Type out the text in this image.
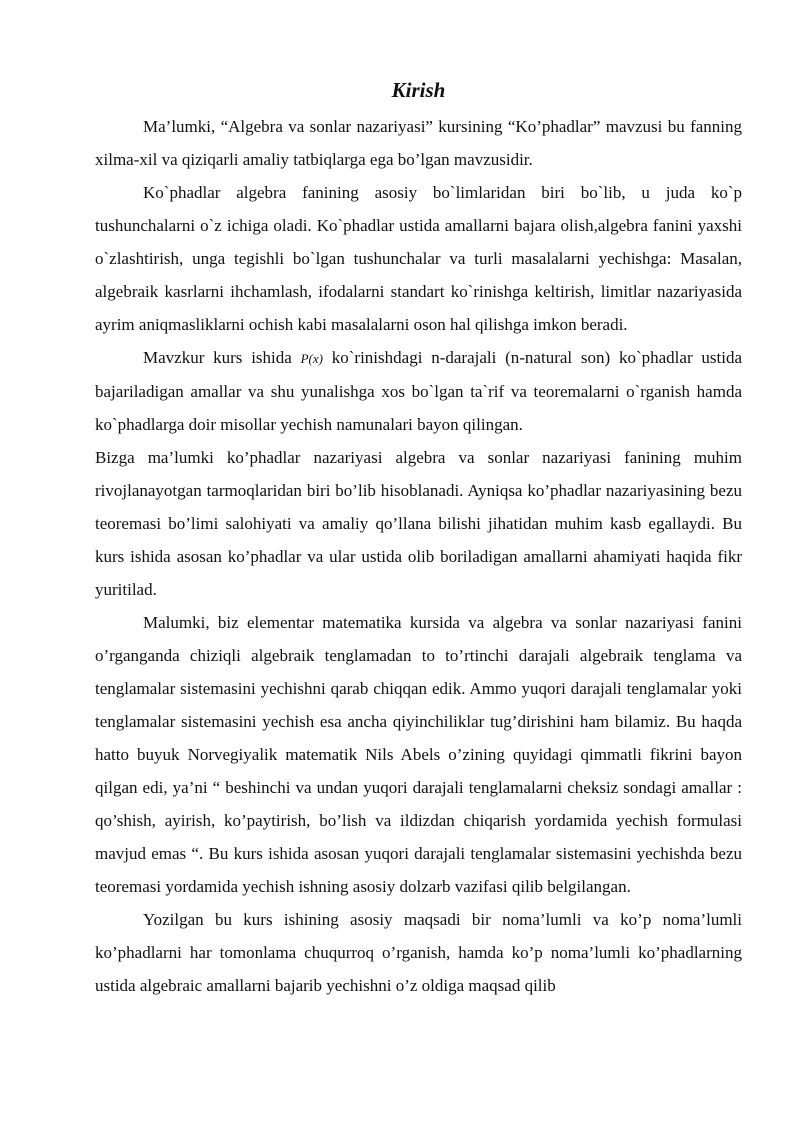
Kirish

Ma’lumki, “Algebra va sonlar nazariyasi” kursining “Ko’phadlar” mavzusi bu fanning xilma-xil va qiziqarli amaliy tatbiqlarga ega bo’lgan mavzusidir.

Ko`phadlar algebra fanining asosiy bo`limlaridan biri bo`lib, u juda ko`p tushunchalarni o`z ichiga oladi. Ko`phadlar ustida amallarni bajara olish,algebra fanini yaxshi o`zlashtirish, unga tegishli bo`lgan tushunchalar va turli masalalarni yechishga: Masalan, algebraik kasrlarni ihchamlash, ifodalarni standart ko`rinishga keltirish, limitlar nazariyasida ayrim aniqmasliklarni ochish kabi masalalarni oson hal qilishga imkon beradi.

Mavzkur kurs ishida P(x) ko`rinishdagi n-darajali (n-natural son) ko`phadlar ustida bajariladigan amallar va shu yunalishga xos bo`lgan ta`rif va teoremalarni o`rganish hamda ko`phadlarga doir misollar yechish namunalari bayon qilingan.

Bizga ma’lumki ko’phadlar nazariyasi algebra va sonlar nazariyasi fanining muhim rivojlanayotgan tarmoqlaridan biri bo’lib hisoblanadi. Ayniqsa ko’phadlar nazariyasining bezu teoremasi bo’limi salohiyati va amaliy qo’llana bilishi jihatidan muhim kasb egallaydi. Bu kurs ishida asosan ko’phadlar va ular ustida olib boriladigan amallarni ahamiyati haqida fikr yuritilad.

Malumki, biz elementar matematika kursida va algebra va sonlar nazariyasi fanini o’rganganda chiziqli algebraik tenglamadan to to’rtinchi darajali algebraik tenglama va tenglamalar sistemasini yechishni qarab chiqqan edik. Ammo yuqori darajali tenglamalar yoki tenglamalar sistemasini yechish esa ancha qiyinchiliklar tug’dirishini ham bilamiz. Bu haqda hatto buyuk Norvegiyalik matematik Nils Abels o’zining quyidagi qimmatli fikrini bayon qilgan edi, ya’ni “ beshinchi va undan yuqori darajali tenglamalarni cheksiz sondagi amallar : qo’shish, ayirish, ko’paytirish, bo’lish va ildizdan chiqarish yordamida yechish formulasi mavjud emas “. Bu kurs ishida asosan yuqori darajali tenglamalar sistemasini yechishda bezu teoremasi yordamida yechish ishning asosiy dolzarb vazifasi qilib belgilangan.

Yozilgan bu kurs ishining asosiy maqsadi bir noma’lumli va ko’p noma’lumli ko’phadlarni har tomonlama chuqurroq o’rganish, hamda ko’p noma’lumli ko’phadlarning ustida algebraic amallarni bajarib yechishni o’z oldiga maqsad qilib
